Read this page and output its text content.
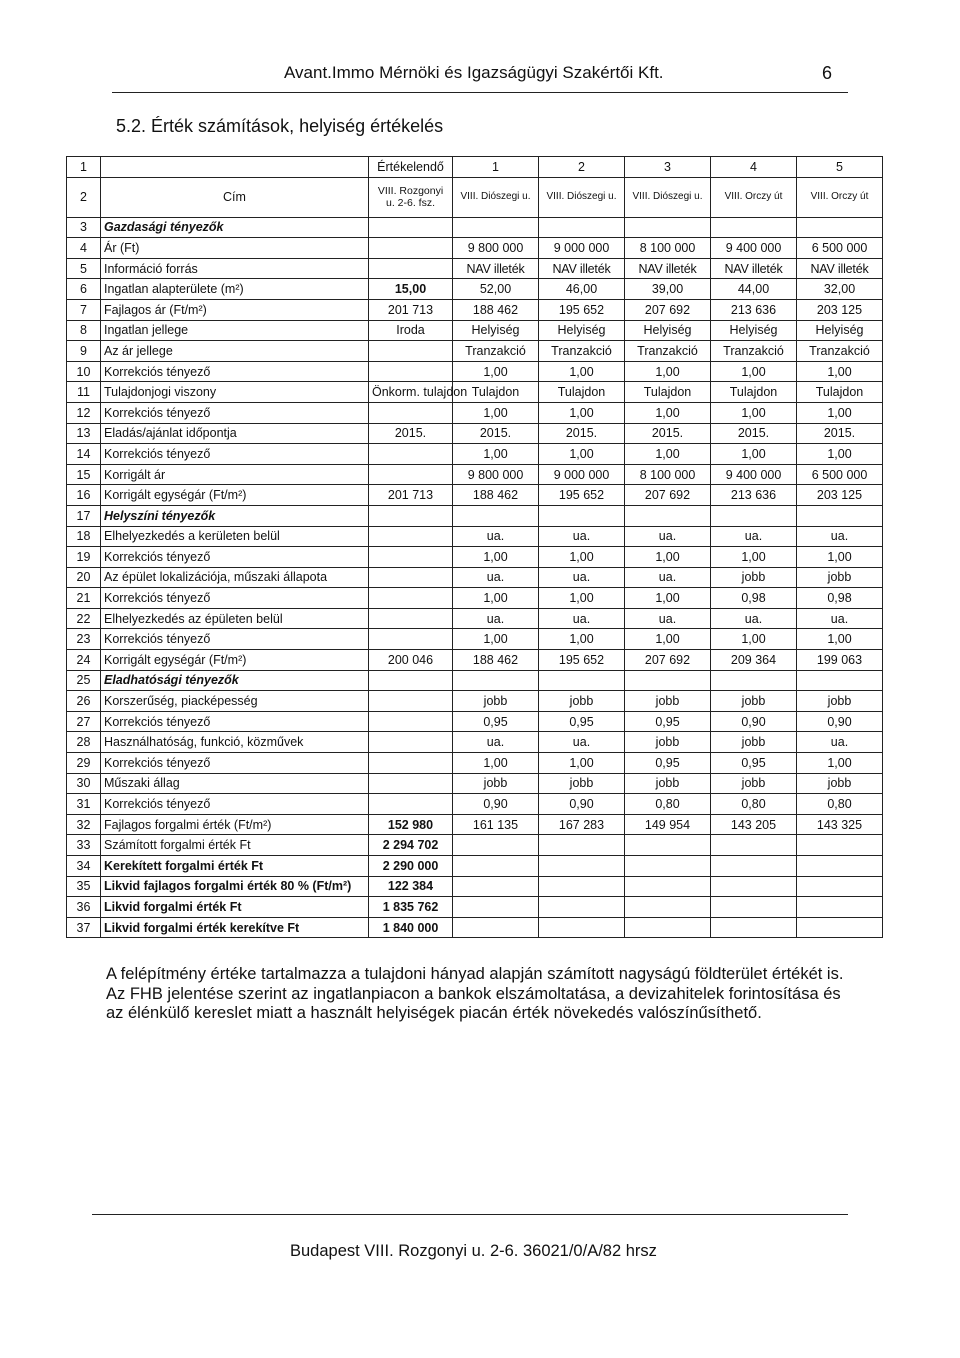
Avant.Immo Mérnöki és Igazságügyi Szakértői Kft.	6
5.2. Érték számítások, helyiség értékelés
1		Értékelendő	1	2	3	4	5
2	Cím	VIII. Rozgonyi u. 2-6. fsz.	VIII. Diószegi u.	VIII. Diószegi u.	VIII. Diószegi u.	VIII. Orczy út	VIII. Orczy út

3	Gazdasági tényezők						
4	Ár (Ft)		9 800 000	9 000 000	8 100 000	9 400 000	6 500 000
5	Információ forrás		NAV illeték	NAV illeték	NAV illeték	NAV illeték	NAV illeték
6	Ingatlan alapterülete (m²)	15,00	52,00	46,00	39,00	44,00	32,00
7	Fajlagos ár (Ft/m²)	201 713	188 462	195 652	207 692	213 636	203 125
8	Ingatlan jellege	Iroda	Helyiség	Helyiség	Helyiség	Helyiség	Helyiség
9	Az ár jellege		Tranzakció	Tranzakció	Tranzakció	Tranzakció	Tranzakció
10	Korrekciós tényező		1,00	1,00	1,00	1,00	1,00
11	Tulajdonjogi viszony	Önkorm. tulajdon	Tulajdon	Tulajdon	Tulajdon	Tulajdon	Tulajdon
12	Korrekciós tényező		1,00	1,00	1,00	1,00	1,00
13	Eladás/ajánlat időpontja	2015.	2015.	2015.	2015.	2015.	2015.
14	Korrekciós tényező		1,00	1,00	1,00	1,00	1,00
15	Korrigált ár		9 800 000	9 000 000	8 100 000	9 400 000	6 500 000
16	Korrigált egységár (Ft/m²)	201 713	188 462	195 652	207 692	213 636	203 125
17	Helyszíni tényezők						
18	Elhelyezkedés a kerületen belül		ua.	ua.	ua.	ua.	ua.
19	Korrekciós tényező		1,00	1,00	1,00	1,00	1,00
20	Az épület lokalizációja, műszaki állapota		ua.	ua.	ua.	jobb	jobb
21	Korrekciós tényező		1,00	1,00	1,00	0,98	0,98
22	Elhelyezkedés az épületen belül		ua.	ua.	ua.	ua.	ua.
23	Korrekciós tényező		1,00	1,00	1,00	1,00	1,00
24	Korrigált egységár (Ft/m²)	200 046	188 462	195 652	207 692	209 364	199 063
25	Eladhatósági tényezők						
26	Korszerűség, piacképesség		jobb	jobb	jobb	jobb	jobb
27	Korrekciós tényező		0,95	0,95	0,95	0,90	0,90
28	Használhatóság, funkció, közművek		ua.	ua.	jobb	jobb	ua.
29	Korrekciós tényező		1,00	1,00	0,95	0,95	1,00
30	Műszaki állag		jobb	jobb	jobb	jobb	jobb
31	Korrekciós tényező		0,90	0,90	0,80	0,80	0,80
32	Fajlagos forgalmi érték (Ft/m²)	152 980	161 135	167 283	149 954	143 205	143 325
33	Számított forgalmi érték Ft	2 294 702					
34	Kerekített forgalmi érték Ft	2 290 000					
35	Likvid fajlagos forgalmi érték 80 % (Ft/m²)	122 384					
36	Likvid forgalmi érték Ft	1 835 762					
37	Likvid forgalmi érték kerekítve Ft	1 840 000					
A felépítmény értéke tartalmazza a tulajdoni hányad alapján számított nagyságú földterület értékét is. Az FHB jelentése szerint az ingatlanpiacon a bankok elszámoltatása, a devizahitelek forintosítása és az élénkülő kereslet miatt a használt helyiségek piacán érték növekedés valószínűsíthető.
Budapest VIII. Rozgonyi u. 2-6. 36021/0/A/82 hrsz
